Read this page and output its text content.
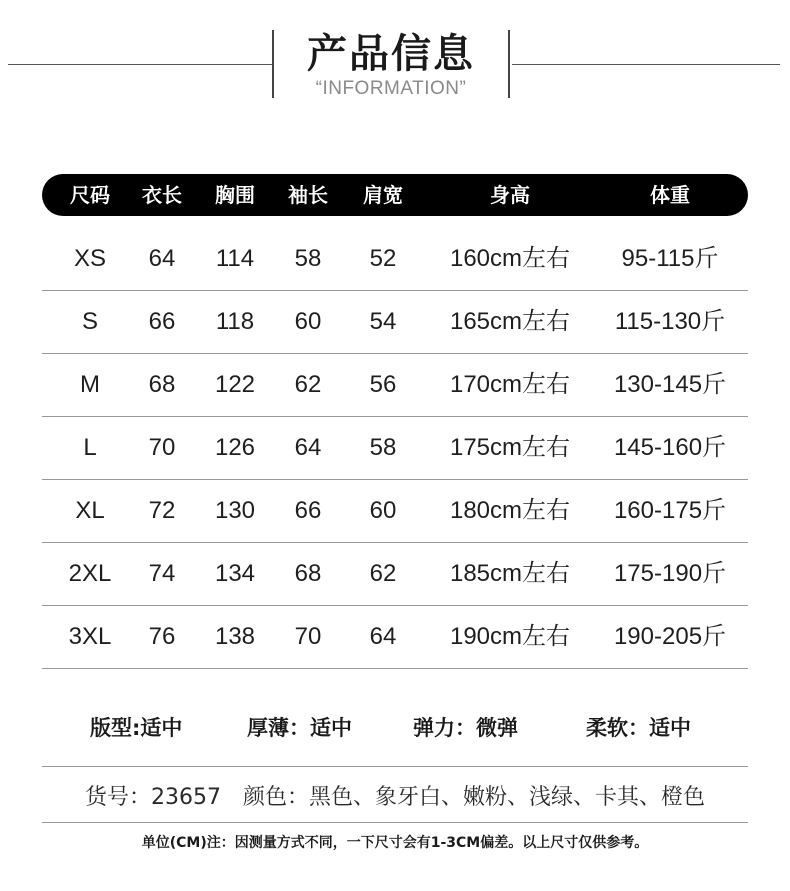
产品信息
“INFORMATION”
尺码 衣长 胸围 袖长 肩宽	身高	体重
XS 64 114 58 52 160cm左右 95-115斤
S 66 118 60 54 165cm左右 115-130斤
M 68 122 62 56 170cm左右 130-145斤
L 70 126 64 58 175cm左右 145-160斤
XL 72 130 66 60 180cm左右 160-175斤
2XL 74 134 68 62 185cm左右 175-190斤
3XL 76 138 70 64 190cm左右 190-205斤
版型:适中	厚薄：适中	弹力：微弹	柔软：适中
货号：23657　颜色：黑色、象牙白、嫩粉、浅绿、卡其、橙色
单位(CM)注：因测量方式不同，一下尺寸会有1-3CM偏差。以上尺寸仅供参考。
